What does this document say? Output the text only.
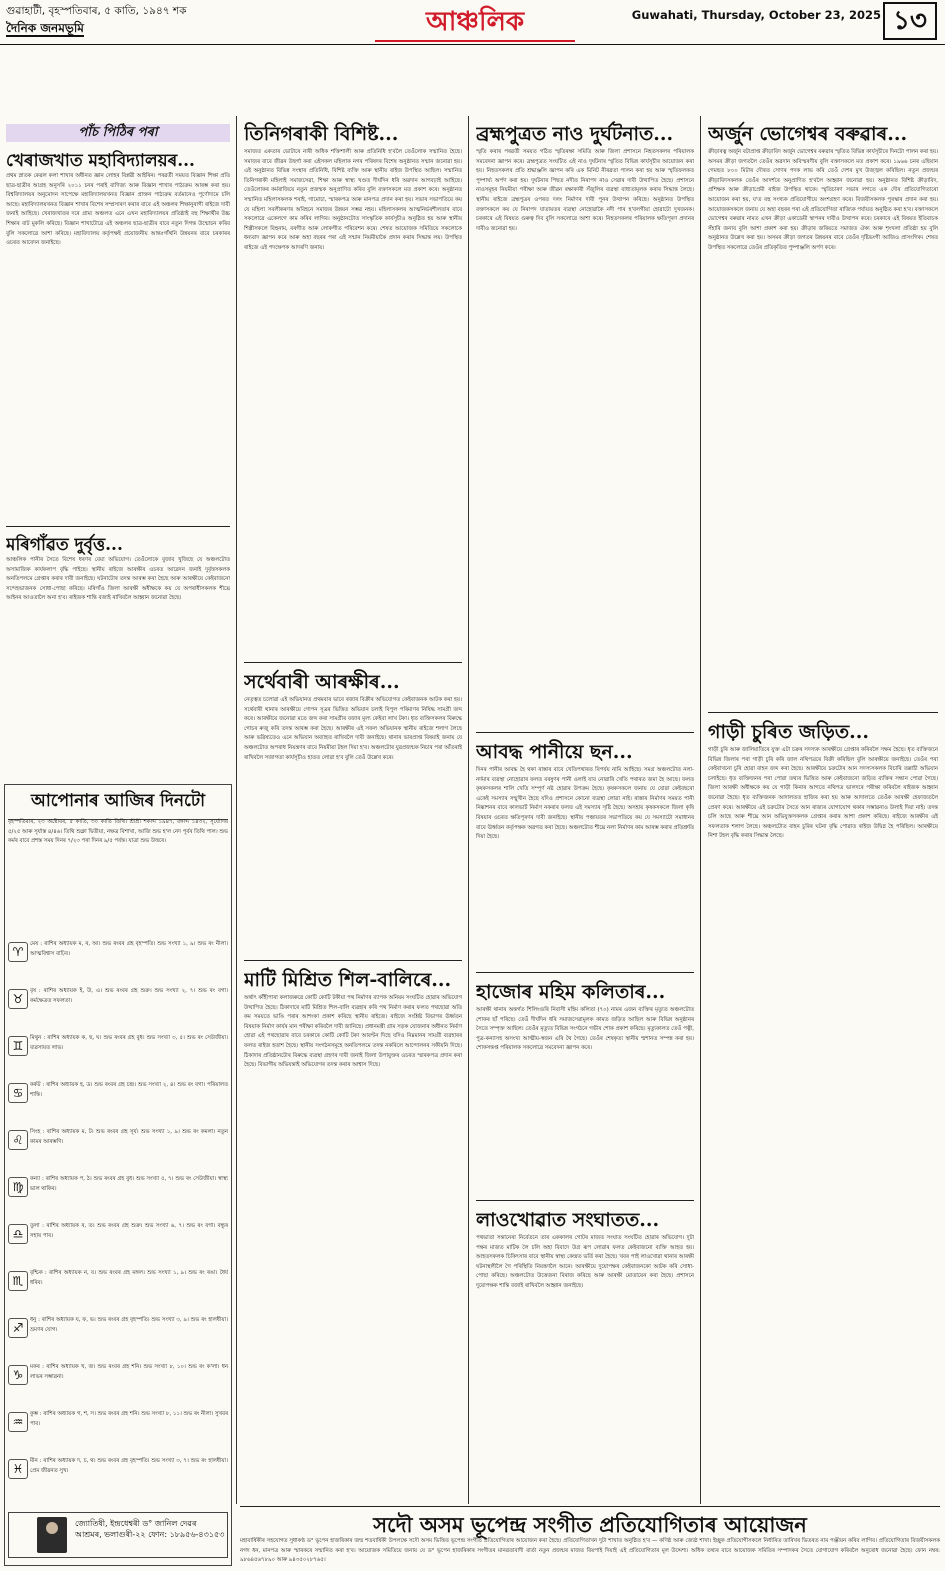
গুৱাহাটী, বৃহস্পতিবাৰ, ৫ কাতি, ১৯৪৭ শক
দৈনিক জনমভূমি	আঞ্চলিক	Guwahati, Thursday, October 23, 2025 ১৩
পাঁচ পিঠিৰ পৰা
খেৰাজখাত মহাবিদ্যালয়ৰ...
প্ৰথম স্নাতক কেৱল কলা শাখাৰ অধীনত জ্ঞান লোহৰ বিপ্লৱী আইৰিন। পৰৱৰ্তী সময়ত বিজ্ঞান শিক্ষা প্ৰতি ছাত্ৰ-ছাত্ৰীৰ আগ্ৰহ অনুসৰি ২০১১ চনৰ পৰাই বাণিজ্য আৰু বিজ্ঞান শাখাৰ পাঠ্যক্ৰম আৰম্ভ কৰা হয়। বিশ্ববিদ্যালয়ৰ অনুমোদন সাপেক্ষে মহাবিদ্যালয়খনত বিজ্ঞান প্ৰাক্তন পাঠ্যক্ৰম বৰ্তমানেও পূৰ্ণোদ্যমে চলি আছে। মহাবিদ্যালয়খনত বিজ্ঞান শাখাৰ বিশেষ সম্প্ৰসাৰণ কৰাৰ বাবে এই অঞ্চলৰ শিক্ষানুৰাগী ৰাইজে দাবী জনাই আহিছে। খেৰাজখাতৰ দৰে গ্ৰাম্য অঞ্চলত এনে এখন মহাবিদ্যালয়ৰ প্ৰতিষ্ঠাই বহু শিক্ষাৰ্থীৰ উচ্চ শিক্ষাৰ বাট মুকলি কৰিছে। বিজ্ঞান শাখাটোৱে এই অঞ্চলৰ ছাত্ৰ-ছাত্ৰীৰ বাবে নতুন দিগন্ত উন্মোচন কৰিব বুলি সকলোৱে আশা কৰিছে। মহাবিদ্যালয় কৰ্তৃপক্ষই প্ৰয়োজনীয় আন্তঃগাঁথনি উন্নয়নৰ বাবে চৰকাৰৰ ওচৰত আবেদন জনাইছে।
মৰিগাঁৱত দুৰ্বৃত্ত...
আঞ্চলিক পানীৰ সৈতে বিশেষ ধৰণৰ বেয়া অভিযোগ। তেওঁলোকে বুজাব খুজিছে যে অঞ্চলটোত অসামাজিক কাৰ্যকলাপ বৃদ্ধি পাইছে। স্থানীয় ৰাইজে আৰক্ষীৰ ওচৰত আৱেদন জনাই দুৰ্বৃত্তসকলক অনতিপলমে গ্ৰেপ্তাৰ কৰাৰ দাবী জনাইছে। ঘটনাটোৰ তদন্ত আৰম্ভ কৰা হৈছে আৰু আৰক্ষীয়ে কেইবাজনো সন্দেহভাজনক সোধা-পোছা কৰিছে। মৰিগাঁও জিলা আৰক্ষী অধীক্ষকে কয় যে অপৰাধীসকলক শীঘ্ৰে আইনৰ আওতালৈ অনা হ'ব। ৰাইজক শান্তি বজাই ৰাখিবলৈ আহ্বান জনোৱা হৈছে।
আপোনাৰ আজিৰ দিনটো
বৃহস্পতিবাৰ, ২৩ অক্টোবৰ, ৫ কাতি, ৩০ কাতি তিথি। শ্ৰীশ্ৰী শকাব্দ ১৯৪৭, বঙ্গাব্দ ১৪৩২, সূৰ্য্যোদয় ৫/২৫ আৰু সূৰ্যাস্ত ৪/৪৬। তিথি শুক্লা দ্বিতীয়া, নক্ষত্ৰ বিশাখা, আজি শুভ হ'ল নেদ পূৰ্বৰ তিথি পাল। শুভ কৰ্মৰ বাবে প্ৰশস্ত সময় দিনৰ ৭/২৩ পৰা দিনৰ ৯/৫ পৰ্যন্ত। যাত্ৰা শুভ উত্তৰে।
♈
মেষ : ৰাশিৰ অধ্যায়ক ম, ৰ, আ। শুভ ৰংবৰ গ্ৰহ বৃহস্পতি। শুভ সংখ্যা ১, ৯। শুভ ৰং নীলা। আত্মবিশ্বাস বাঢ়িব।
♉
বৃষ : ৰাশিৰ অধ্যায়ক ই, উ, এ। শুভ ৰংবৰ গ্ৰহ শুক্ৰ। শুভ সংখ্যা ২, ৭। শুভ ৰং বগা। কৰ্মক্ষেত্ৰত সফলতা।
♊
মিথুন : ৰাশিৰ অধ্যায়ক ক, ছ, ঘ। শুভ ৰংবৰ গ্ৰহ বুধ। শুভ সংখ্যা ৩, ৫। শুভ ৰং সেউজীয়া। ব্যৱসায়ত লাভ।
♋
কৰ্কট : ৰাশিৰ অধ্যায়ক হ, ড। শুভ ৰংবৰ গ্ৰহ চন্দ্ৰ। শুভ সংখ্যা ২, ৪। শুভ ৰং বগা। পৰিয়ালত শান্তি।
♌
সিংহ : ৰাশিৰ অধ্যায়ক ম, ট। শুভ ৰংবৰ গ্ৰহ সূৰ্য। শুভ সংখ্যা ১, ৯। শুভ ৰং কমলা। নতুন কামৰ আৰম্ভণি।
♍
কন্যা : ৰাশিৰ অধ্যায়ক প, ঠ। শুভ ৰংবৰ গ্ৰহ বুধ। শুভ সংখ্যা ৫, ৭। শুভ ৰং সেউজীয়া। স্বাস্থ্য ভাল থাকিব।
♎
তুলা : ৰাশিৰ অধ্যায়ক ৰ, ত। শুভ ৰংবৰ গ্ৰহ শুক্ৰ। শুভ সংখ্যা ৬, ৭। শুভ ৰং বগা। বন্ধুৰ সহায় পাব।
♏
বৃশ্চিক : ৰাশিৰ অধ্যায়ক ন, য। শুভ ৰংবৰ গ্ৰহ মঙ্গল। শুভ সংখ্যা ১, ৯। শুভ ৰং ৰঙা। ধৈৰ্য ধৰিব।
♐
ধনু : ৰাশিৰ অধ্যায়ক য, ফ, ভ। শুভ ৰংবৰ গ্ৰহ বৃহস্পতি। শুভ সংখ্যা ৩, ৯। শুভ ৰং হালধীয়া। ভ্ৰমণৰ যোগ।
♑
মকৰ : ৰাশিৰ অধ্যায়ক খ, জ। শুভ ৰংবৰ গ্ৰহ শনি। শুভ সংখ্যা ৮, ১০। শুভ ৰং ক'লা। ধন লাভৰ সম্ভাৱনা।
♒
কুম্ভ : ৰাশিৰ অধ্যায়ক গ, শ, স। শুভ ৰংবৰ গ্ৰহ শনি। শুভ সংখ্যা ৮, ১১। শুভ ৰং নীলা। সুখবৰ পাব।
♓
মীন : ৰাশিৰ অধ্যায়ক দ, চ, থ। শুভ ৰংবৰ গ্ৰহ বৃহস্পতি। শুভ সংখ্যা ৩, ৭। শুভ ৰং হালধীয়া। প্ৰেম জীৱনত সুখ।
জ্যোতিষী, ইন্দ্ৰধেশ্বৰী ড° জানিল দেৱৰ আশ্ৰমৰ, ভলাগুৰী-২২ ফোন: ১৮৯৫৬-৪৩১৫৩
তিনিগৰাকী বিশিষ্ট...
সমাজত একতাৰ ভোটাৰে নাৰী অধিক শক্তিশালী আৰু প্ৰতিনিধি হ'বলৈ তেওঁলোক সন্মানিত হৈছে। সমাজৰ বাবে জীৱন উছৰ্গা কৰা এইসকল মহিলাক নগৰ পৰিষদৰ বিশেষ অনুষ্ঠানত সন্মান জনোৱা হয়। এই অনুষ্ঠানত বিভিন্ন সংস্থাৰ প্ৰতিনিধি, বিশিষ্ট ব্যক্তি আৰু স্থানীয় ৰাইজ উপস্থিত আছিল। সন্মানিত তিনিগৰাকী মহিলাই সমাজসেৱা, শিক্ষা আৰু স্বাস্থ্য খণ্ডত দীৰ্ঘদিন ধৰি অৱদান আগবঢ়াই আহিছে। তেওঁলোকৰ কৰ্মৰাজিয়ে নতুন প্ৰজন্মক অনুপ্ৰাণিত কৰিব বুলি বক্তাসকলে মত প্ৰকাশ কৰে। অনুষ্ঠানত সন্মানিত মহিলাসকলক শৰাই, গামোচা, স্মাৰকপত্ৰ আৰু মানপত্ৰ প্ৰদান কৰা হয়। সভাৰ সভাপতিয়ে কয় যে মহিলা সবলীকৰণৰ অবিহনে সমাজৰ উন্নয়ন সম্ভৱ নহয়। মহিলাসকলৰ আত্মনিৰ্ভৰশীলতাৰ বাবে সকলোৱে একেলগে কাম কৰিব লাগিব। অনুষ্ঠানটোত সাংস্কৃতিক কাৰ্যসূচীও অনুষ্ঠিত হয় আৰু স্থানীয় শিল্পীসকলে বিহুনাম, বৰগীত আৰু লোকগীত পৰিবেশন কৰে। শেষত আয়োজক সমিতিয়ে সকলোকে ধন্যবাদ জ্ঞাপন কৰে আৰু অহা বছৰৰ পৰা এই সন্মান নিয়মীয়াকৈ প্ৰদান কৰাৰ সিদ্ধান্ত লয়। উপস্থিত ৰাইজে এই পদক্ষেপক আদৰণি জনায়।
সৰ্থেবাৰী আৰক্ষীৰ...
নেতৃত্বত চলোৱা এই অভিযানত প্ৰথমবাৰ ভাবে ৰজাৰ বিক্ৰীৰ অভিযোগত কেইবাজনক আটক কৰা হয়। সৰ্থেবাৰী থানাৰ আৰক্ষীয়ে গোপন সূত্ৰৰ ভিত্তিত অভিযান চলাই বিপুল পৰিমাণৰ নিষিদ্ধ সামগ্ৰী জব্দ কৰে। আৰক্ষীয়ে জনোৱা মতে জব্দ কৰা সামগ্ৰীৰ বজাৰ মূল্য কেইবা লাখ টকা। ধৃত ব্যক্তিসকলৰ বিৰুদ্ধে গোচৰ ৰুজু কৰি তদন্ত আৰম্ভ কৰা হৈছে। আৰক্ষীৰ এই সফল অভিযানক স্থানীয় ৰাইজে শলাগ লৈছে আৰু ভৱিষ্যতেও এনে অভিযান অব্যাহত ৰাখিবলৈ দাবী জনাইছে। থানাৰ ভাৰপ্ৰাপ্ত বিষয়াই জনায় যে অঞ্চলটোত অপৰাধ নিয়ন্ত্ৰণৰ বাবে নিয়মীয়া টহল দিয়া হ'ব। অঞ্চলটোৰ যুৱপ্ৰজন্মক নিচাৰ পৰা আঁতৰাই ৰাখিবলৈ সজাগতা কাৰ্যসূচীও হাতত লোৱা হ'ব বুলি তেওঁ উল্লেখ কৰে।
মাটি মিশ্ৰিত শিল-বালিৰে...
অৰ্থাৎ কাঁহীপাৰা কলাজৰুৱে কোটি কোটি টকীয়া পথ নিৰ্মাণৰ ব্যাপক অনিয়ম সংঘটিত হোৱাৰ অভিযোগ উত্থাপিত হৈছে। ঠিকাদাৰে মাটি মিশ্ৰিত শিল-বালি ব্যৱহাৰ কৰি পথ নিৰ্মাণ কৰাৰ ফলত পথছোৱা অতি কম সময়তে ভাঙি পৰাৰ আশংকা প্ৰকাশ কৰিছে স্থানীয় ৰাইজে। ৰাইজে সংশ্লিষ্ট বিভাগৰ ঊৰ্ধ্বতন বিষয়াক নিৰ্মাণ কাৰ্যৰ মান পৰীক্ষা কৰিবলৈ দাবী জানিছে। প্ৰধানমন্ত্ৰী গ্ৰাম সড়ক যোজনাৰ অধীনত নিৰ্মাণ হোৱা এই পথছোৱাৰ বাবে চৰকাৰে কোটি কোটি টকা আবণ্টন দিছে যদিও নিম্নমানৰ সামগ্ৰী ব্যৱহাৰৰ ফলত ৰাইজ হতাশ হৈছে। স্থানীয় সংগঠনসমূহে অনতিপলমে তদন্ত নকৰিলে আন্দোলনৰ সকীয়নি দিছে। ঠিকাদাৰ প্ৰতিষ্ঠানটোৰ বিৰুদ্ধে ব্যৱস্থা গ্ৰহণৰ দাবী জনাই জিলা উপায়ুক্তৰ ওচৰত স্মাৰকপত্ৰ প্ৰদান কৰা হৈছে। বিভাগীয় অভিযন্তাই অভিযোগৰ তদন্ত কৰাৰ আশ্বাস দিছে।
ব্ৰহ্মপুত্ৰত নাও দুৰ্ঘটনাত...
স্মৃতি কৰাৰ পৰৱৰ্তী সময়ত গঠিত স্মৃতিৰক্ষা সমিতি আৰু জিলা প্ৰশাসনে নিহতসকলৰ পৰিয়ালক সমবেদনা জ্ঞাপন কৰে। ব্ৰহ্মপুত্ৰত সংঘটিত এই নাও দুৰ্ঘটনাৰ স্মৃতিত বিভিন্ন কাৰ্যসূচীৰ আয়োজন কৰা হয়। নিহতসকলৰ প্ৰতি শ্ৰদ্ধাঞ্জলি জ্ঞাপন কৰি এক মিনিট নীৰৱতা পালন কৰা হয় আৰু স্মৃতিফলকত পুষ্পাৰ্ঘ্য অৰ্পণ কৰা হয়। দুৰ্ঘটনাৰ পিছত নদীত নিৰাপদ নাও সেৱাৰ দাবী উত্থাপিত হৈছে। প্ৰশাসনে নাওসমূহৰ নিয়মীয়া পৰীক্ষা আৰু জীৱন ৰক্ষাকাৰী সঁজুলিৰ ব্যৱস্থা বাধ্যতামূলক কৰাৰ সিদ্ধান্ত লৈছে। স্থানীয় ৰাইজে ব্ৰহ্মপুত্ৰৰ ওপৰত দলং নিৰ্মাণৰ দাবী পুনৰ উত্থাপন কৰিছে। অনুষ্ঠানত উপস্থিত বক্তাসকলে কয় যে নিৰাপদ যাতায়তৰ ব্যৱস্থা নোহোৱাকৈ নদী পাৰ হ'বলগীয়া হোৱাটো দুখজনক। চৰকাৰে এই বিষয়ত গুৰুত্ব দিব বুলি সকলোৱে আশা কৰে। নিহতসকলৰ পৰিয়ালক ক্ষতিপূৰণ প্ৰদানৰ দাবীও জনোৱা হয়।
আবদ্ধ পানীয়ে ছন...
দিনৰ পানীৰ আবদ্ধ হৈ থকা ৰাস্তাৰ বাবে খেতিপথাৰত বিপৰ্যয় নামি আহিছে। সমগ্ৰ অঞ্চলটোত নলা-নৰ্দমাৰ ব্যৱস্থা নোহোৱাৰ ফলত বৰষুণৰ পানী ওলাই যাব নোৱাৰি খেতি পথাৰত জমা হৈ আছে। ফলত কৃষকসকলৰ শালি খেতি সম্পূৰ্ণ নষ্ট হোৱাৰ উপক্ৰম হৈছে। কৃষকসকলে জনায় যে যোৱা কেইবছৰো একেই সমস্যাৰ সন্মুখীন হৈছে যদিও প্ৰশাসনে কোনো ব্যৱস্থা লোৱা নাই। ৰাস্তাৰ নিৰ্মাণৰ সময়ত পানী নিষ্কাশনৰ বাবে কালভাৰ্ট নিৰ্মাণ নকৰাৰ ফলত এই সমস্যাৰ সৃষ্টি হৈছে। অসহায় কৃষকসকলে জিলা কৃষি বিষয়াৰ ওচৰত ক্ষতিপূৰণৰ দাবী জনাইছে। স্থানীয় পঞ্চায়তৰ সভাপতিয়ে কয় যে সমস্যাটো সমাধানৰ বাবে ঊৰ্ধ্বতন কৰ্তৃপক্ষক অৱগত কৰা হৈছে। অঞ্চলটোত শীঘ্ৰে নলা নিৰ্মাণৰ কাম আৰম্ভ কৰাৰ প্ৰতিশ্ৰুতি দিয়া হৈছে।
হাজোৰ মহিম কলিতাৰ...
আৰক্ষী থানাৰ অন্তৰ্গত শিলিংগুৰি নিবাসী মহিম কলিতা (৭০) নামৰ এজন ব্যক্তিৰ মৃত্যুত অঞ্চলটোত শোকৰ ছাঁ পৰিছে। তেওঁ দীৰ্ঘদিন ধৰি সমাজসেৱামূলক কামত জড়িত আছিল আৰু বিভিন্ন অনুষ্ঠানৰ সৈতে সম্পৃক্ত আছিল। তেওঁৰ মৃত্যুত বিভিন্ন সংগঠনে গভীৰ শোক প্ৰকাশ কৰিছে। মৃত্যুকালত তেওঁ পত্নী, পুত্ৰ-কন্যাসহ অসংখ্য আত্মীয়-স্বজন এৰি থৈ গৈছে। তেওঁৰ শেষকৃত্য স্থানীয় শ্মশানত সম্পন্ন কৰা হয়। শোকসন্তপ্ত পৰিয়ালক সকলোৱে সমবেদনা জ্ঞাপন কৰে।
লাওখোৱাত সংঘাতত...
পথভাতা সন্তানেৰা নিৰ্বেতনে তাৰ এককালৰ গোটৰ মাজত সংঘাত সংঘটিত হোৱাৰ অভিযোগ। দুটা পক্ষৰ মাজত মাটিক লৈ চলি অহা বিবাদে উগ্ৰ ৰূপ লোৱাৰ ফলত কেইবাজনো ব্যক্তি আহত হয়। আহতসকলক চিকিৎসাৰ বাবে স্থানীয় স্বাস্থ্য কেন্দ্ৰত ভৰ্তি কৰা হৈছে। খবৰ পাই লাওখোৱা থানাৰ আৰক্ষী ঘটনাস্থলীলৈ গৈ পৰিস্থিতি নিয়ন্ত্ৰণলৈ আনে। আৰক্ষীয়ে দুয়োপক্ষৰ কেইবাজনকো আটক কৰি সোধা-পোছা কৰিছে। অঞ্চলটোত উত্তেজনা বিৰাজ কৰিছে আৰু আৰক্ষী মোতায়েন কৰা হৈছে। প্ৰশাসনে দুয়োপক্ষক শান্তি বজাই ৰাখিবলৈ আহ্বান জনাইছে।
অৰ্জুন ভোগেশ্বৰ বৰুৱাৰ...
ক্ৰীড়াৰত্ন অৰ্জুন বটাপ্ৰাপ্ত ক্ৰীড়াবিদ অৰ্জুন ভোগেশ্বৰ বৰুৱাৰ স্মৃতিত বিভিন্ন কাৰ্যসূচীৰে দিনটো পালন কৰা হয়। অসমৰ ক্ৰীড়া জগতলৈ তেওঁৰ অৱদান অবিস্মৰণীয় বুলি বক্তাসকলে মত প্ৰকাশ কৰে। ১৯৬৬ চনৰ এছিয়ান গেমছত ৮০০ মিটাৰ দৌৰত সোণৰ পদক লাভ কৰি তেওঁ দেশৰ মুখ উজ্জ্বল কৰিছিল। নতুন প্ৰজন্মৰ ক্ৰীড়াবিদসকলক তেওঁৰ আদৰ্শৰে অনুপ্ৰাণিত হ'বলৈ আহ্বান জনোৱা হয়। অনুষ্ঠানত বিশিষ্ট ক্ৰীড়াবিদ, প্ৰশিক্ষক আৰু ক্ৰীড়াপ্ৰেমী ৰাইজ উপস্থিত থাকে। স্মৃতিচাৰণ সভাৰ লগতে এক দৌৰ প্ৰতিযোগিতাৰো আয়োজন কৰা হয়, য'ত বহু সংখ্যক প্ৰতিযোগীয়ে অংশগ্ৰহণ কৰে। বিজয়ীসকলক পুৰস্কাৰ প্ৰদান কৰা হয়। আয়োজকসকলে জনায় যে অহা বছৰৰ পৰা এই প্ৰতিযোগিতা ৰাজ্যিক পৰ্যায়ত অনুষ্ঠিত কৰা হ'ব। বক্তাসকলে ভোগেশ্বৰ বৰুৱাৰ নামত এখন ক্ৰীড়া একাডেমী স্থাপনৰ দাবীও উত্থাপন কৰে। চৰকাৰে এই বিষয়ত ইতিবাচক সঁহাৰি জনাব বুলি আশা প্ৰকাশ কৰা হয়। ক্ৰীড়াৰ জৰিয়তে সমাজত ঐক্য আৰু শৃংখলা প্ৰতিষ্ঠা হয় বুলি অনুষ্ঠানত উল্লেখ কৰা হয়। অসমৰ ক্ৰীড়া জগতৰ উন্নয়নৰ বাবে তেওঁৰ দৃষ্টিভংগী আজিও প্ৰাসংগিক। শেষত উপস্থিত সকলোৱে তেওঁৰ প্ৰতিকৃতিত পুষ্পাঞ্জলি অৰ্পণ কৰে।
গাড়ী চুৰিত জড়িত...
গাড়ী চুৰি আৰু জালিয়াতিৰে যুক্ত এটা চক্ৰৰ সদস্যক আৰক্ষীয়ে গ্ৰেপ্তাৰ কৰিবলৈ সক্ষম হৈছে। ধৃত ব্যক্তিজনে বিভিন্ন জিলাৰ পৰা গাড়ী চুৰি কৰি জাল নথিপত্ৰৰে বিক্ৰী কৰিছিল বুলি আৰক্ষীয়ে জনাইছে। তেওঁৰ পৰা কেইবাখনো চুৰি হোৱা বাহন জব্দ কৰা হৈছে। আৰক্ষীয়ে চক্ৰটোৰ আন সদস্যসকলক বিচাৰি তল্লাচী অভিযান চলাইছে। ধৃত ব্যক্তিজনৰ পৰা পোৱা তথ্যৰ ভিত্তিত আৰু কেইবাজনো জড়িত ব্যক্তিৰ সন্ধান পোৱা গৈছে। জিলা আৰক্ষী অধীক্ষকে কয় যে গাড়ী কিনাৰ আগতে নথিপত্ৰ ভালদৰে পৰীক্ষা কৰিবলৈ ৰাইজক আহ্বান জনোৱা হৈছে। ধৃত ব্যক্তিজনক আদালতত হাজিৰ কৰা হয় আৰু আদালতে তেওঁক আৰক্ষী হেফাজতলৈ প্ৰেৰণ কৰে। আৰক্ষীয়ে এই চক্ৰটোৰ সৈতে আন ৰাজ্যৰ যোগাযোগ থকাৰ সম্ভাৱনাও উলাই দিয়া নাই। তদন্ত চলি আছে আৰু শীঘ্ৰে আন অভিযুক্তসকলক গ্ৰেপ্তাৰ কৰাৰ আশা প্ৰকাশ কৰিছে। ৰাইজে আৰক্ষীৰ এই সফলতাক শলাগ লৈছে। অঞ্চলটোত বাহন চুৰিৰ ঘটনা বৃদ্ধি পোৱাত ৰাইজ উদ্বিগ্ন হৈ পৰিছিল। আৰক্ষীয়ে নিশা টহল বৃদ্ধি কৰাৰ সিদ্ধান্ত লৈছে।
সদৌ অসম ভূপেন্দ্ৰ সংগীত প্ৰতিযোগিতাৰ আয়োজন
মহাবাৰ্ষিকীৰ সহযোগত সুধাকণ্ঠ ড° ভূপেন হাজৰিকাৰ জন্ম শতবাৰ্ষিকী উপলক্ষে সদৌ অসম ভিত্তিত ভূপেন্দ্ৰ সংগীত প্ৰতিযোগিতাৰ আয়োজন কৰা হৈছে। প্ৰতিযোগিতাখন দুটা শাখাত অনুষ্ঠিত হ'ব — কণিষ্ঠ আৰু জ্যেষ্ঠ শাখা। ইচ্ছুক প্ৰতিযোগীসকলে নিৰ্ধাৰিত তাৰিখৰ ভিতৰত নাম পঞ্জীয়ন কৰিব লাগিব। প্ৰতিযোগিতাৰ বিজয়ীসকলক নগদ ধন, মানপত্ৰ আৰু স্মাৰকৰে সন্মানিত কৰা হ'ব। আয়োজক সমিতিয়ে জনায় যে ড° ভূপেন হাজৰিকাৰ সংগীতৰ মানৱতাবাদী বাৰ্তা নতুন প্ৰজন্মৰ মাজত বিয়পাই দিয়াই এই প্ৰতিযোগিতাৰ মূল উদ্দেশ্য। অধিক তথ্যৰ বাবে আয়োজক সমিতিৰ সম্পাদকৰ সৈতে যোগাযোগ কৰিবলৈ অনুৰোধ জনোৱা হৈছে। ফোন নম্বৰ: ৯৮৬৪৫৬৭৮৯০ আৰু ৯৪৩৫০২৮৭৬৫।
